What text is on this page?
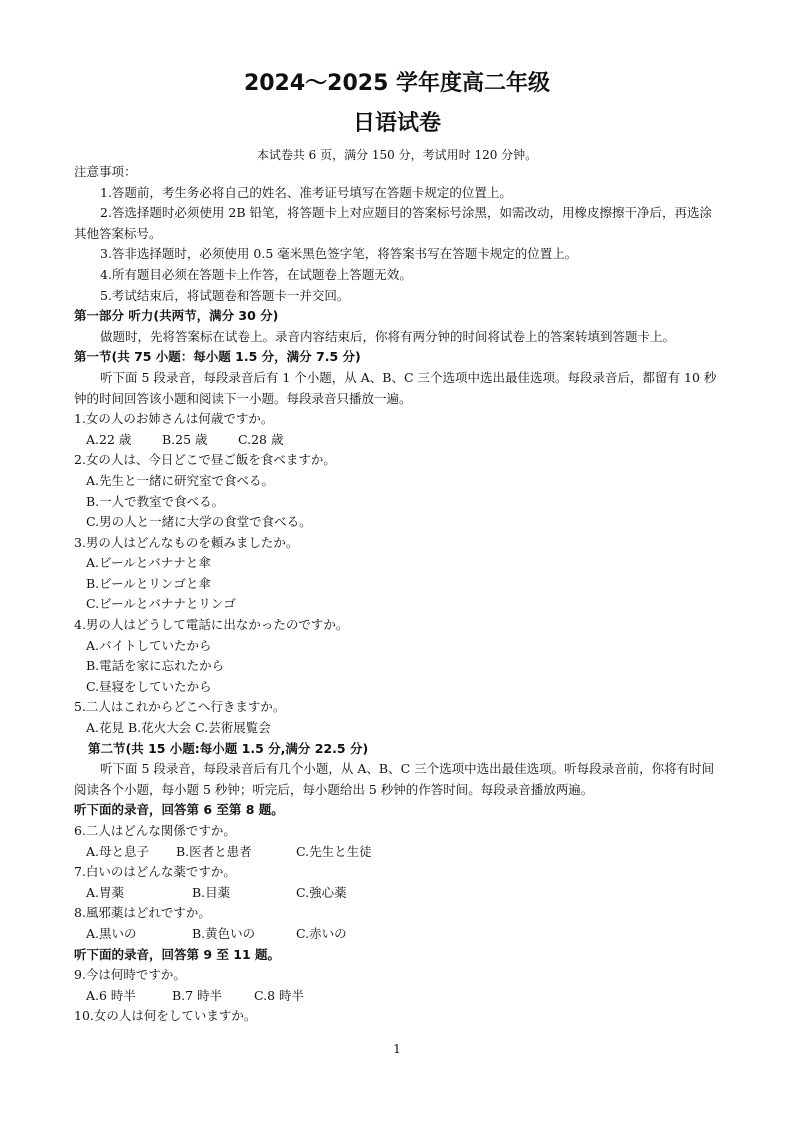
2024～2025 学年度高二年级
日语试卷
本试卷共 6 页，满分 150 分，考试用时 120 分钟。
注意事项：
1.答题前，考生务必将自己的姓名、准考证号填写在答题卡规定的位置上。
2.答选择题时必须使用 2B 铅笔，将答题卡上对应题目的答案标号涂黑，如需改动，用橡皮擦擦干净后，再选涂其他答案标号。
3.答非选择题时，必须使用 0.5 毫米黑色签字笔，将答案书写在答题卡规定的位置上。
4.所有题目必须在答题卡上作答，在试题卷上答题无效。
5.考试结束后，将试题卷和答题卡一并交回。
第一部分 听力(共两节，满分 30 分)
做题时，先将答案标在试卷上。录音内容结束后，你将有两分钟的时间将试卷上的答案转填到答题卡上。
第一节(共 75 小题：每小题 1.5 分，满分 7.5 分)
听下面 5 段录音，每段录音后有 1 个小题，从 A、B、C 三个选项中选出最佳选项。每段录音后，都留有 10 秒钟的时间回答该小题和阅读下一小题。每段录音只播放一遍。
1.女の人のお姉さんは何歳ですか。
A.22 歳 B.25 歳 C.28 歳
2.女の人は、今日どこで昼ご飯を食べますか。
A.先生と一緒に研究室で食べる。
B.一人で教室で食べる。
C.男の人と一緒に大学の食堂で食べる。
3.男の人はどんなものを頼みましたか。
A.ビールとバナナと傘
B.ビールとリンゴと傘
C.ビールとバナナとリンゴ
4.男の人はどうして電話に出なかったのですか。
A.バイトしていたから
B.電話を家に忘れたから
C.昼寝をしていたから
5.二人はこれからどこへ行きますか。
A.花見 B.花火大会 C.芸術展覧会
第二节(共 15 小题:每小题 1.5 分,满分 22.5 分)
听下面 5 段录音，每段录音后有几个小题，从 A、B、C 三个选项中选出最佳选项。听每段录音前，你将有时间阅读各个小题，每小题 5 秒钟；听完后，每小题给出 5 秒钟的作答时间。每段录音播放两遍。
听下面的录音，回答第 6 至第 8 题。
6.二人はどんな関係ですか。
A.母と息子 B.医者と患者	C.先生と生徒
7.白いのはどんな薬ですか。
A.胃薬	B.目薬	C.強心薬
8.風邪薬はどれですか。
A.黒いの	B.黄色いの	C.赤いの
听下面的录音，回答第 9 至 11 题。
9.今は何時ですか。
A.6 時半	B.7 時半	C.8 時半
10.女の人は何をしていますか。
1
